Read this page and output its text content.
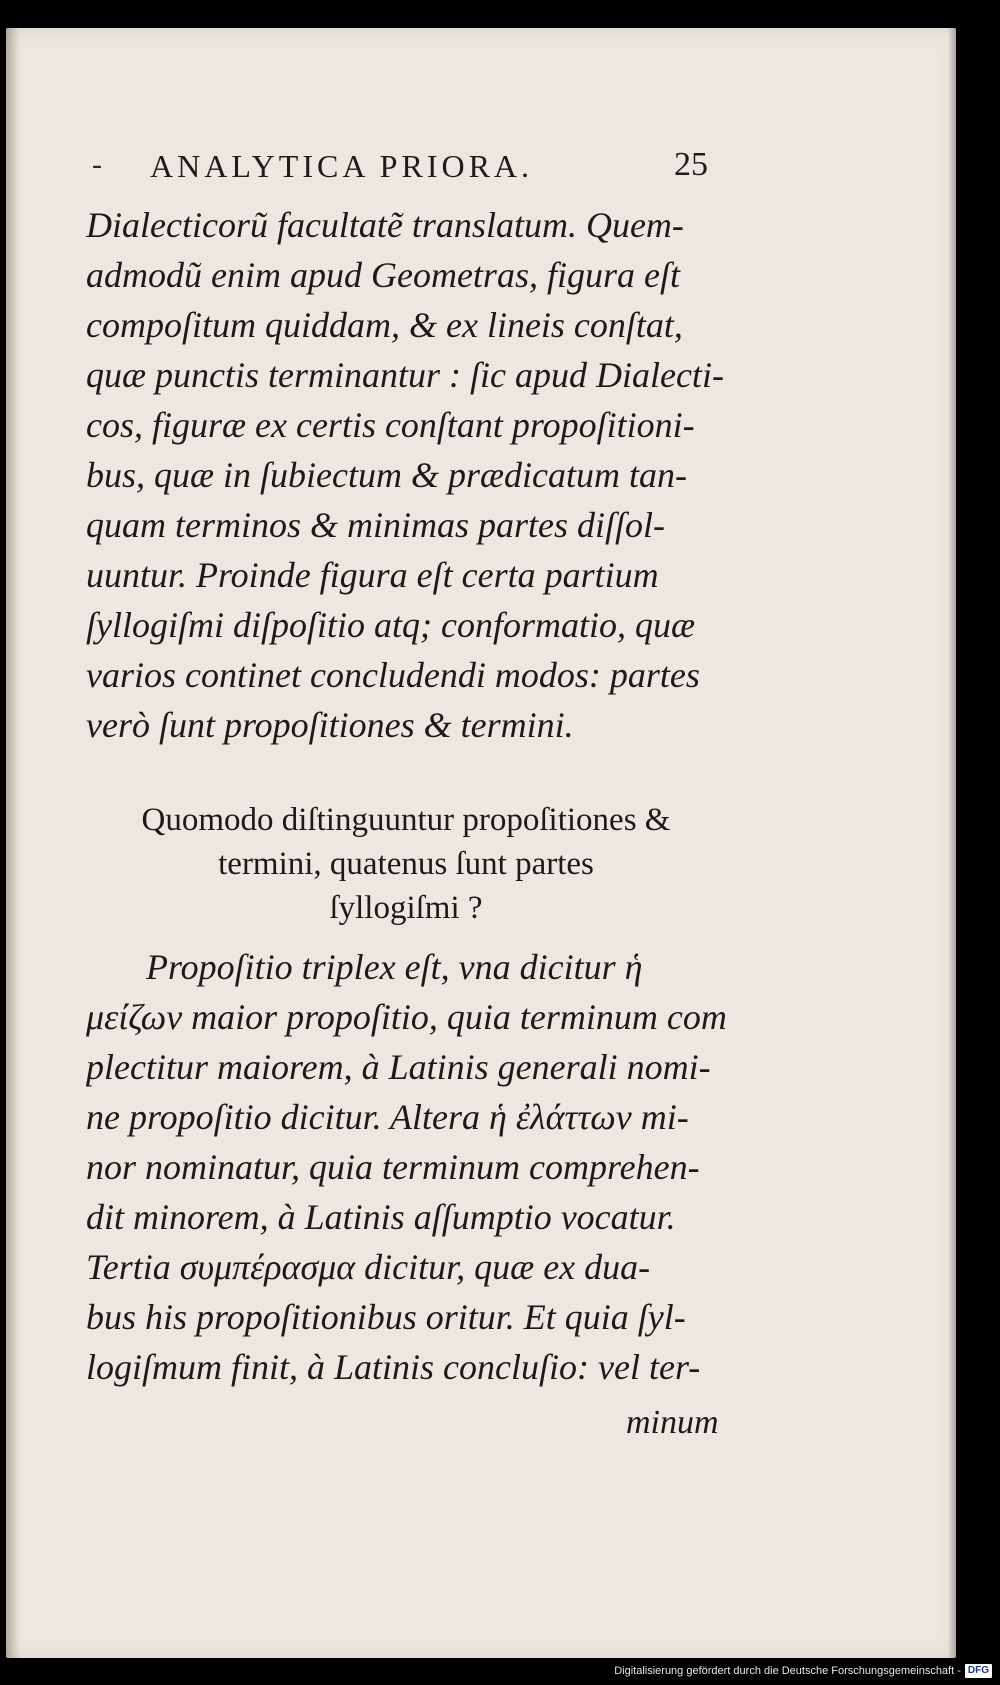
- ANALYTICA PRIORA.	25
Dialecticorũ facultatẽ translatum. Quem-
admodũ enim apud Geometras, figura eſt
compoſitum quiddam, & ex lineis conſtat,
quæ punctis terminantur : ſic apud Dialecti-
cos, figuræ ex certis conſtant propoſitioni-
bus, quæ in ſubiectum & prædicatum tan-
quam terminos & minimas partes diſſol-
uuntur. Proinde figura eſt certa partium
ſyllogiſmi diſpoſitio atq; conformatio, quæ
varios continet concludendi modos: partes
verò ſunt propoſitiones & termini.
Quomodo diſtinguuntur propoſitiones &
termini, quatenus ſunt partes
ſyllogiſmi ?
Propoſitio triplex eſt, vna dicitur ἡ
μείζων maior propoſitio, quia terminum com
plectitur maiorem, à Latinis generali nomi-
ne propoſitio dicitur. Altera ἡ ἐλάττων mi-
nor nominatur, quia terminum comprehen-
dit minorem, à Latinis aſſumptio vocatur.
Tertia συμπέρασμα dicitur, quæ ex dua-
bus his propoſitionibus oritur. Et quia ſyl-
logiſmum finit, à Latinis concluſio: vel ter-
minum
Digitalisierung gefördert durch die Deutsche Forschungsgemeinschaft - DFG
